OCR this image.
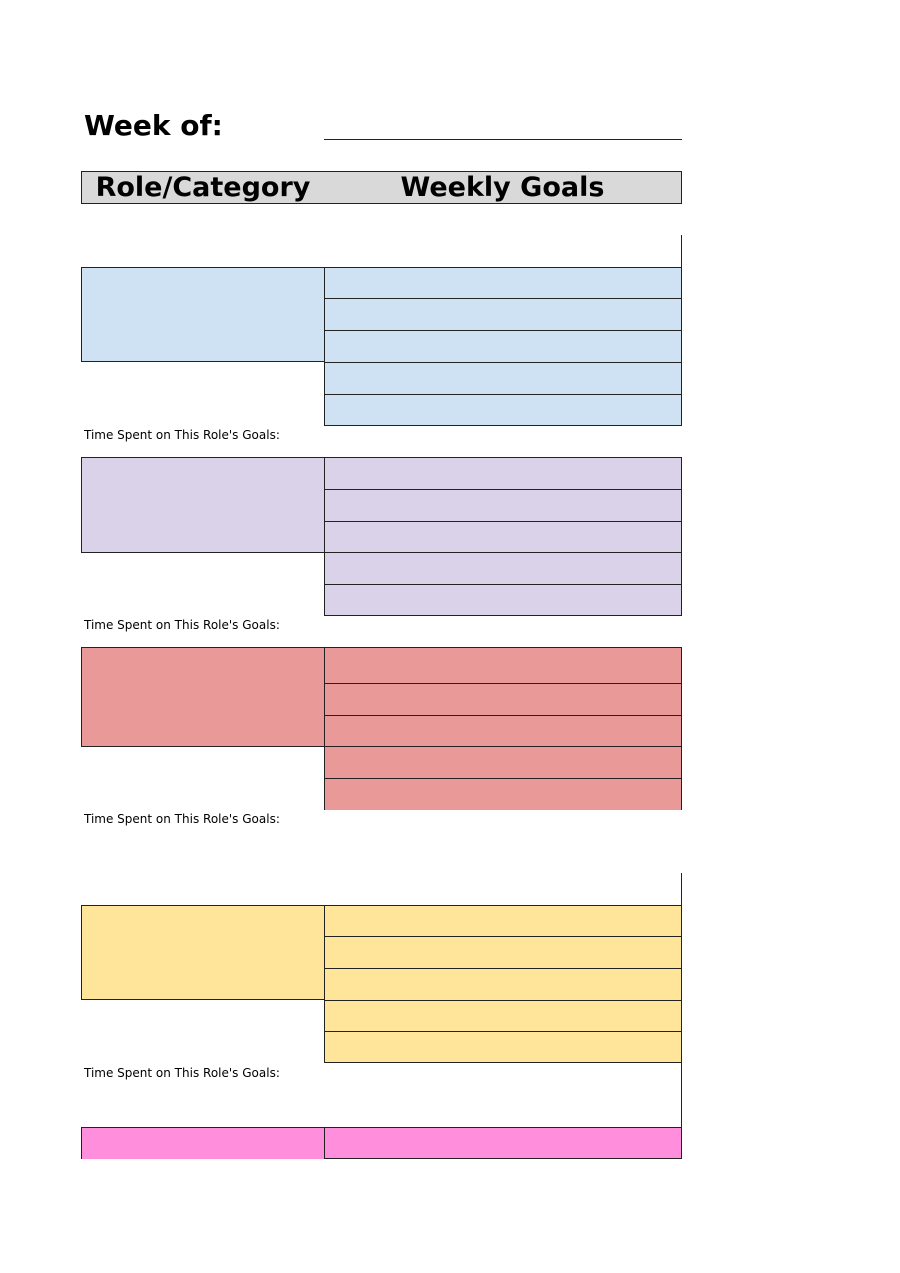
Week of:
Role/Category	Weekly Goals
Time Spent on This Role's Goals:
Time Spent on This Role's Goals:
Time Spent on This Role's Goals:
Time Spent on This Role's Goals:
